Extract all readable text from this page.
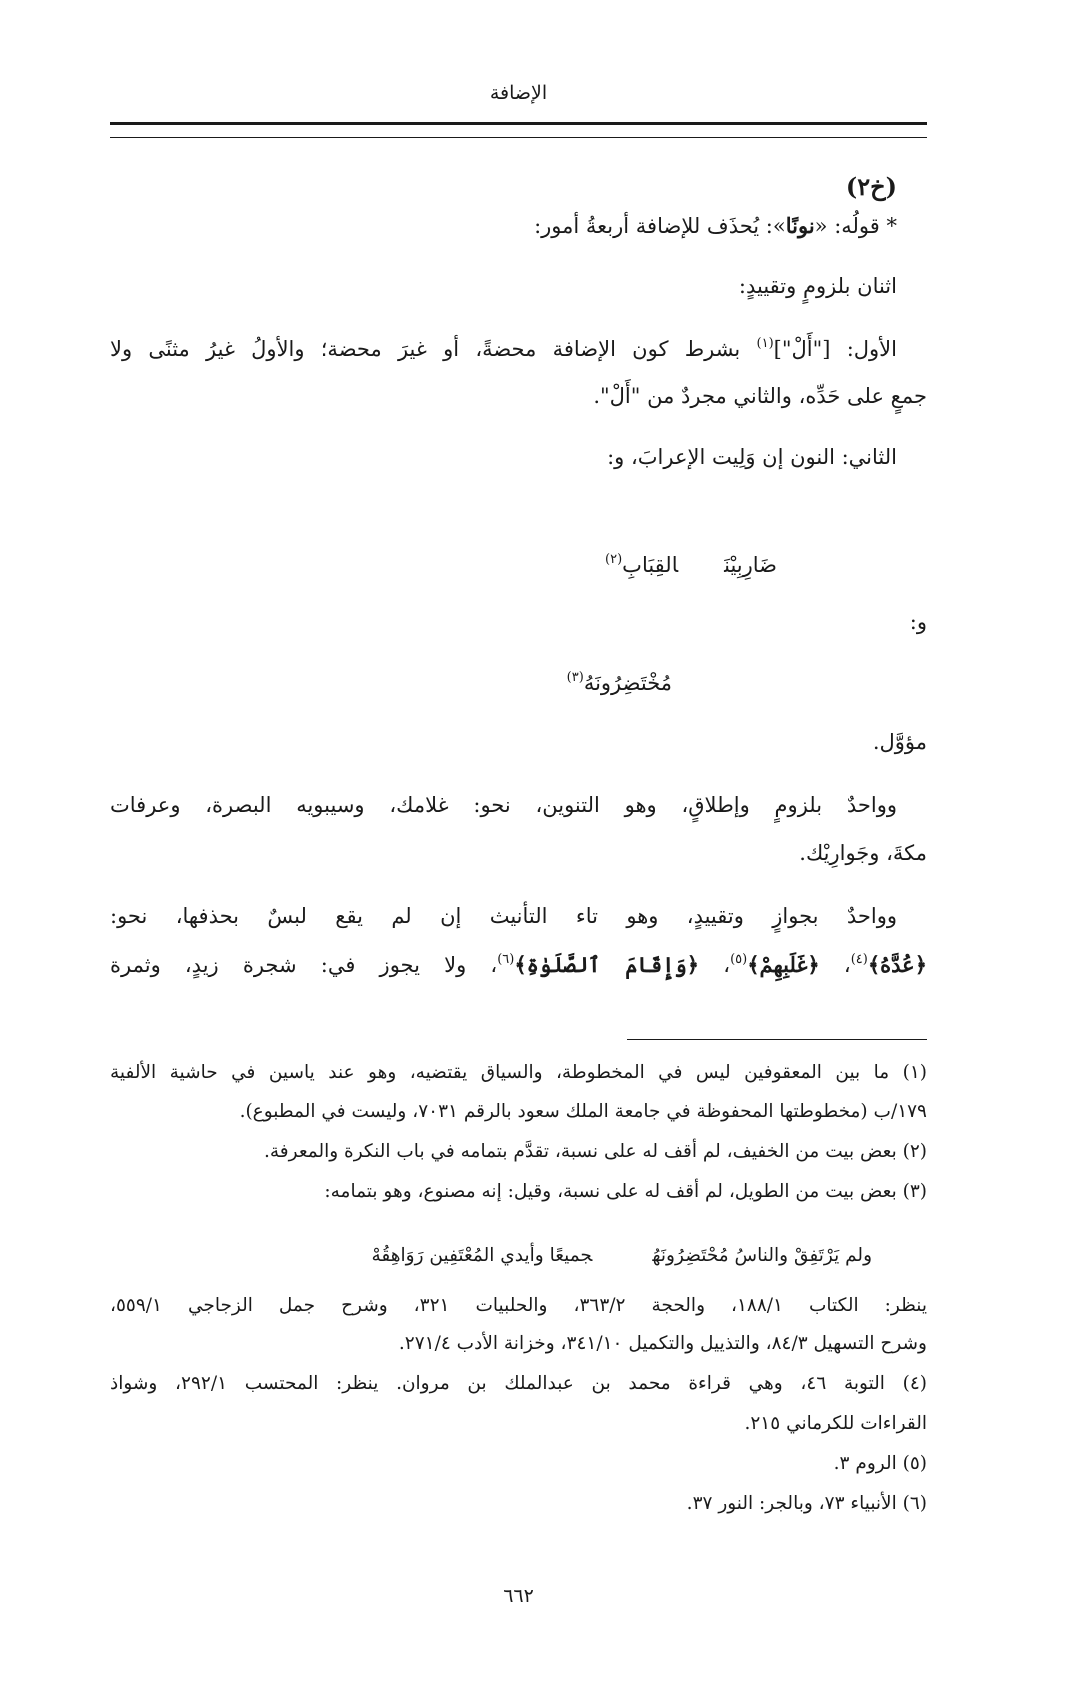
الإضافة
(خ٢)
* قولُه: «نونًا»: يُحذَف للإضافة أربعةُ أمور:
اثنان بلزومٍ وتقييدٍ:
الأول: ["أَلْ"]$^{(١)}$ بشرط كون الإضافة محضةً، أو غيرَ محضة؛ والأولُ غيرُ مثنًى ولا
جمعٍ على حَدِّه، والثاني مجردٌ من "أَلْ".
الثاني: النون إن وَلِيت الإعرابَ، و:
ضَارِبِيْنَالقِبَابِ$^{(٢)}$
و:
مُخْتَضِرُونَهُ$^{(٣)}$
مؤوَّل.
وواحدٌ بلزومٍ وإطلاقٍ، وهو التنوين، نحو: غلامك، وسيبويه البصرة، وعرفات
مكةَ، وجَوارِيْك.
وواحدٌ بجوازٍ وتقييدٍ، وهو تاء التأنيث إن لم يقع لبسٌ بحذفها، نحو:
﴿عُدَّهُ﴾$^{(٤)}$، ﴿غَلَبِهِمْ﴾$^{(٥)}$، ﴿وَإِقَامَ ٱلصَّلَوٰةِ﴾$^{(٦)}$، ولا يجوز في: شجرة زيدٍ، وثمرة
(١) ما بين المعقوفين ليس في المخطوطة، والسياق يقتضيه، وهو عند ياسين في حاشية الألفية
١٧٩/ب (مخطوطتها المحفوظة في جامعة الملك سعود بالرقم ٧٠٣١، وليست في المطبوع).
(٢) بعض بيت من الخفيف، لم أقف له على نسبة، تقدَّم بتمامه في باب النكرة والمعرفة.
(٣) بعض بيت من الطويل، لم أقف له على نسبة، وقيل: إنه مصنوع، وهو بتمامه:
ولم يَرْتَفِقْ والناسُ مُحْتَضِرُونَهُجميعًا وأيدي المُعْتَفِين رَوَاهِقُهْ
ينظر: الكتاب ١٨٨/١، والحجة ٣٦٣/٢، والحلبيات ٣٢١، وشرح جمل الزجاجي ٥٥٩/١،
وشرح التسهيل ٨٤/٣، والتذييل والتكميل ٣٤١/١٠، وخزانة الأدب ٢٧١/٤.
(٤) التوبة ٤٦، وهي قراءة محمد بن عبدالملك بن مروان. ينظر: المحتسب ٢٩٢/١، وشواذ
القراءات للكرماني ٢١٥.
(٥) الروم ٣.
(٦) الأنبياء ٧٣، وبالجر: النور ٣٧.
٦٦٢
